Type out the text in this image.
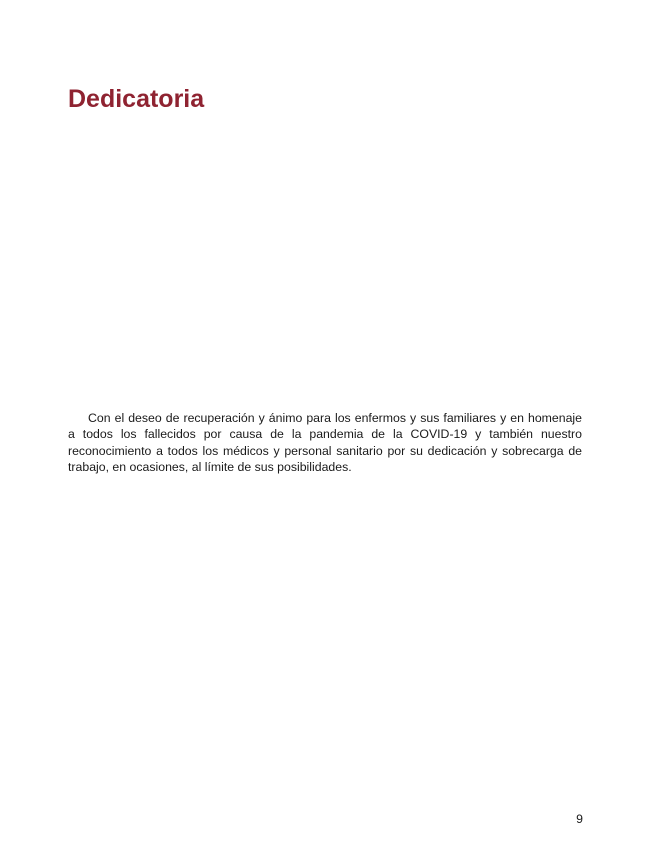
Dedicatoria

Con el deseo de recuperación y ánimo para los enfermos y sus familiares y en homenaje a todos los fallecidos por causa de la pandemia de la COVID-19 y también nuestro reconocimiento a todos los médicos y personal sanitario por su dedicación y sobrecarga de trabajo, en ocasiones, al límite de sus posibilidades.

9
